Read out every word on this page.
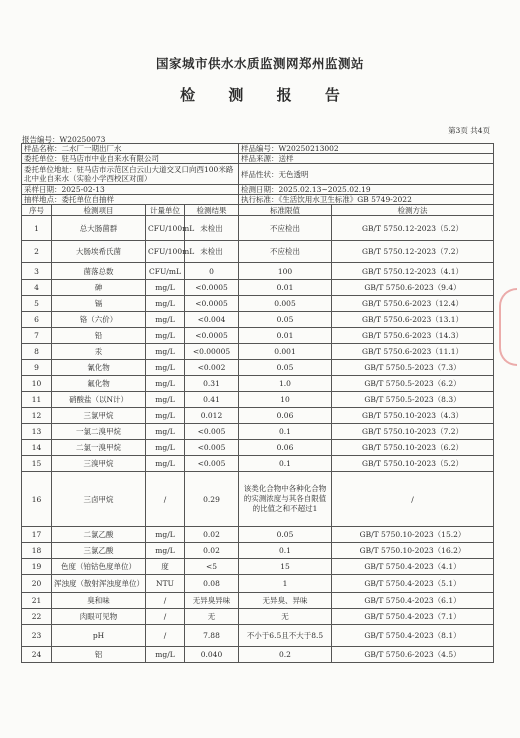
国家城市供水水质监测网郑州监测站
检 测 报 告
第3页 共4页
报告编号：W20250073
样品名称：二水厂一期出厂水				样品编号：W20250213002	
委托单位：驻马店市中业自来水有限公司				样品来源：送样	
委托单位地址：驻马店市示范区白云山大道交叉口向西100米路北中业自来水（实验小学西校区对面）				样品性状：无色透明	
采样日期：2025-02-13				检测日期：2025.02.13~2025.02.19	
抽样地点：委托单位自抽样				执行标准：《生活饮用水卫生标准》GB 5749-2022	
序号	检测项目	计量单位	检测结果	标准限值	检测方法
1	总大肠菌群	CFU/100mL	未检出	不应检出	GB/T 5750.12-2023（5.2）
2	大肠埃希氏菌	CFU/100mL	未检出	不应检出	GB/T 5750.12-2023（7.2）
3	菌落总数	CFU/mL	0	100	GB/T 5750.12-2023（4.1）
4	砷	mg/L	<0.0005	0.01	GB/T 5750.6-2023（9.4）
5	镉	mg/L	<0.0005	0.005	GB/T 5750.6-2023（12.4）
6	铬（六价）	mg/L	<0.004	0.05	GB/T 5750.6-2023（13.1）
7	铅	mg/L	<0.0005	0.01	GB/T 5750.6-2023（14.3）
8	汞	mg/L	<0.00005	0.001	GB/T 5750.6-2023（11.1）
9	氰化物	mg/L	<0.002	0.05	GB/T 5750.5-2023（7.3）
10	氟化物	mg/L	0.31	1.0	GB/T 5750.5-2023（6.2）
11	硝酸盐（以N计）	mg/L	0.41	10	GB/T 5750.5-2023（8.3）
12	三氯甲烷	mg/L	0.012	0.06	GB/T 5750.10-2023（4.3）
13	一氯二溴甲烷	mg/L	<0.005	0.1	GB/T 5750.10-2023（7.2）
14	二氯一溴甲烷	mg/L	<0.005	0.06	GB/T 5750.10-2023（6.2）
15	三溴甲烷	mg/L	<0.005	0.1	GB/T 5750.10-2023（5.2）
16	三卤甲烷	/	0.29	该类化合物中各种化合物的实测浓度与其各自限值的比值之和不超过1	/
17	二氯乙酸	mg/L	0.02	0.05	GB/T 5750.10-2023（15.2）
18	三氯乙酸	mg/L	0.02	0.1	GB/T 5750.10-2023（16.2）
19	色度（铂钴色度单位）	度	<5	15	GB/T 5750.4-2023（4.1）
20	浑浊度（散射浑浊度单位）	NTU	0.08	1	GB/T 5750.4-2023（5.1）
21	臭和味	/	无异臭异味	无异臭、异味	GB/T 5750.4-2023（6.1）
22	肉眼可见物	/	无	无	GB/T 5750.4-2023（7.1）
23	pH	/	7.88	不小于6.5且不大于8.5	GB/T 5750.4-2023（8.1）
24	铝	mg/L	0.040	0.2	GB/T 5750.6-2023（4.5）
